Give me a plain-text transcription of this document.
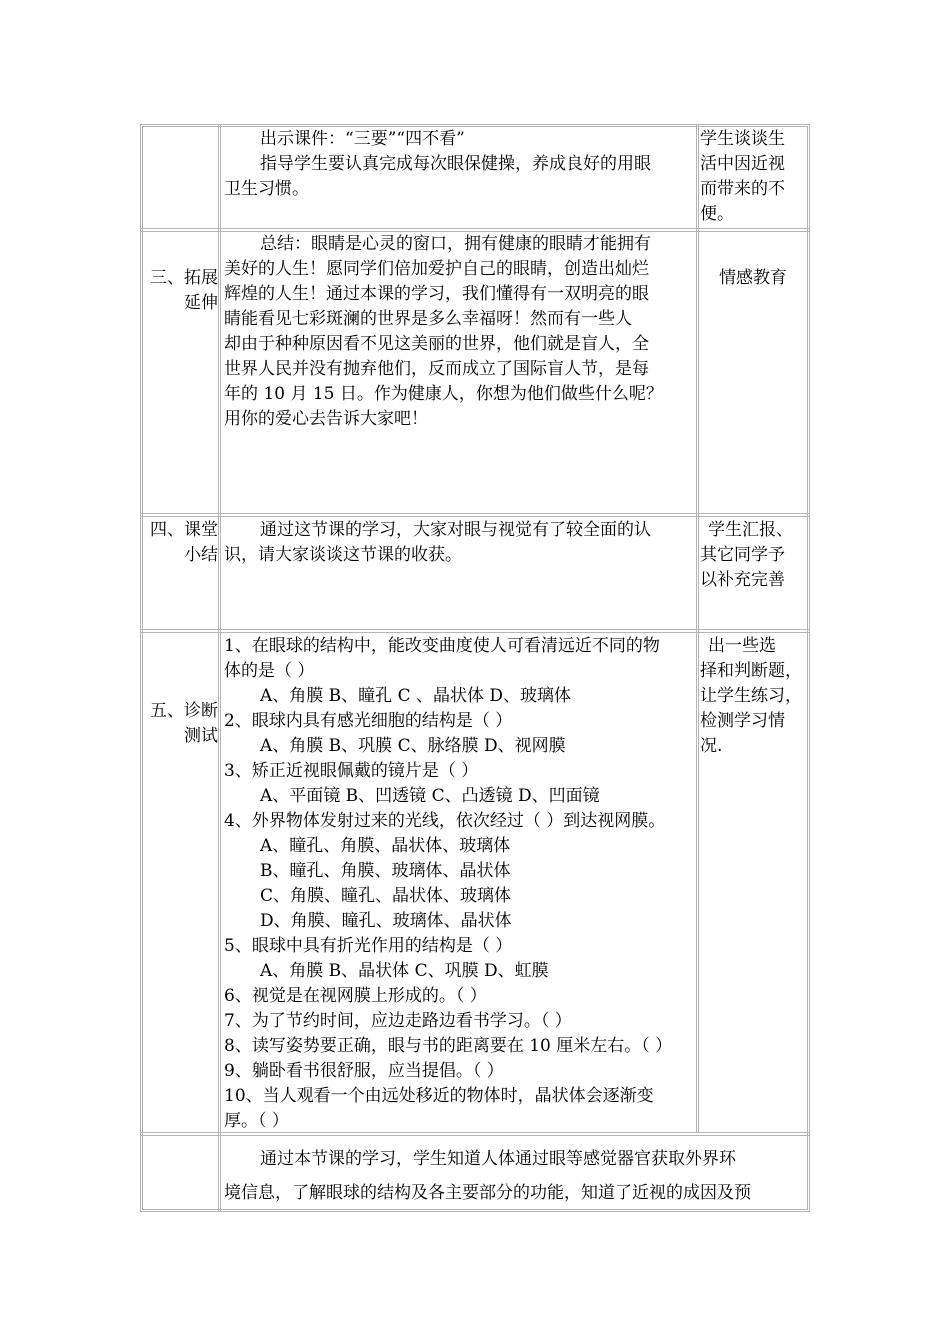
出示课件：“三要”“四不看”
指导学生要认真完成每次眼保健操，养成良好的用眼
卫生习惯。
学生谈谈生
活中因近视
而带来的不
便。
三、拓展
延伸
总结：眼睛是心灵的窗口，拥有健康的眼睛才能拥有
美好的人生！愿同学们倍加爱护自己的眼睛，创造出灿烂
辉煌的人生！通过本课的学习，我们懂得有一双明亮的眼
睛能看见七彩斑澜的世界是多么幸福呀！然而有一些人
却由于种种原因看不见这美丽的世界，他们就是盲人，全
世界人民并没有抛弃他们，反而成立了国际盲人节，是每
年的 10 月 15 日。作为健康人，你想为他们做些什么呢？
用你的爱心去告诉大家吧！
情感教育
四、课堂
小结
通过这节课的学习，大家对眼与视觉有了较全面的认
识，请大家谈谈这节课的收获。
学生汇报、
其它同学予
以补充完善
五、诊断
测试
1、在眼球的结构中，能改变曲度使人可看清远近不同的物
体的是（ ）
A、角膜 B、瞳孔 C 、晶状体 D、玻璃体
2、眼球内具有感光细胞的结构是（ ）
A、角膜 B、巩膜 C、脉络膜 D、视网膜
3、矫正近视眼佩戴的镜片是（ ）
A、平面镜 B、凹透镜 C、凸透镜 D、凹面镜
4、外界物体发射过来的光线，依次经过（ ）到达视网膜。
A、瞳孔、角膜、晶状体、玻璃体
B、瞳孔、角膜、玻璃体、晶状体
C、角膜、瞳孔、晶状体、玻璃体
D、角膜、瞳孔、玻璃体、晶状体
5、眼球中具有折光作用的结构是（ ）
A、角膜 B、晶状体 C、巩膜 D、虹膜
6、视觉是在视网膜上形成的。（ ）
7、为了节约时间，应边走路边看书学习。（ ）
8、读写姿势要正确，眼与书的距离要在 10 厘米左右。（ ）
9、躺卧看书很舒服，应当提倡。（ ）
10、当人观看一个由远处移近的物体时，晶状体会逐渐变
厚。（ ）
出一些选
择和判断题，
让学生练习，
检测学习情
况.
通过本节课的学习，学生知道人体通过眼等感觉器官获取外界环
境信息，了解眼球的结构及各主要部分的功能，知道了近视的成因及预
